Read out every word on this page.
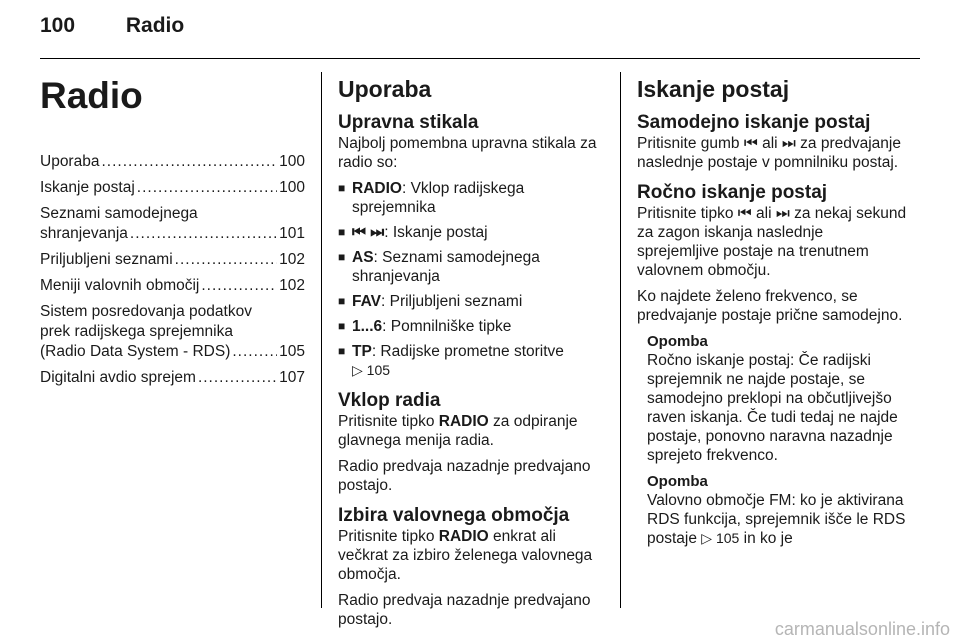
100 Radio
Radio
Uporaba .....	100
Iskanje postaj .....	100
Seznami samodejnega
shranjevanja .....	101
Priljubljeni seznami .....	102
Meniji valovnih območij .....	102
Sistem posredovanja podatkov
prek radijskega sprejemnika
(Radio Data System - RDS) .....	105
Digitalni avdio sprejem .....	107
Uporaba
Upravna stikala

Najbolj pomembna upravna stikala za radio so:

■ RADIO: Vklop radijskega sprejemnika
■ ⏮ ⏭: Iskanje postaj
■ AS: Seznami samodejnega shranjevanja
■ FAV: Priljubljeni seznami
■ 1...6: Pomnilniške tipke
■ TP: Radijske prometne storitve
▷ 105
Vklop radia

Pritisnite tipko RADIO za odpiranje glavnega menija radia.

Radio predvaja nazadnje predvajano postajo.

Izbira valovnega območja

Pritisnite tipko RADIO enkrat ali večkrat za izbiro želenega valovnega območja.

Radio predvaja nazadnje predvajano postajo.

Iskanje postaj
Samodejno iskanje postaj

Pritisnite gumb ⏮ ali ⏭ za predvajanje naslednje postaje v pomnilniku postaj.

Ročno iskanje postaj

Pritisnite tipko ⏮ ali ⏭ za nekaj sekund za zagon iskanja naslednje sprejemljive postaje na trenutnem valovnem območju.

Ko najdete želeno frekvenco, se predvajanje postaje prične samodejno.

Opomba

Ročno iskanje postaj: Če radijski sprejemnik ne najde postaje, se samodejno preklopi na občutljivejšo raven iskanja. Če tudi tedaj ne najde postaje, ponovno naravna nazadnje sprejeto frekvenco.

Opomba

Valovno območje FM: ko je aktivirana RDS funkcija, sprejemnik išče le RDS postaje ▷ 105 in ko je

carmanualsonline.info
